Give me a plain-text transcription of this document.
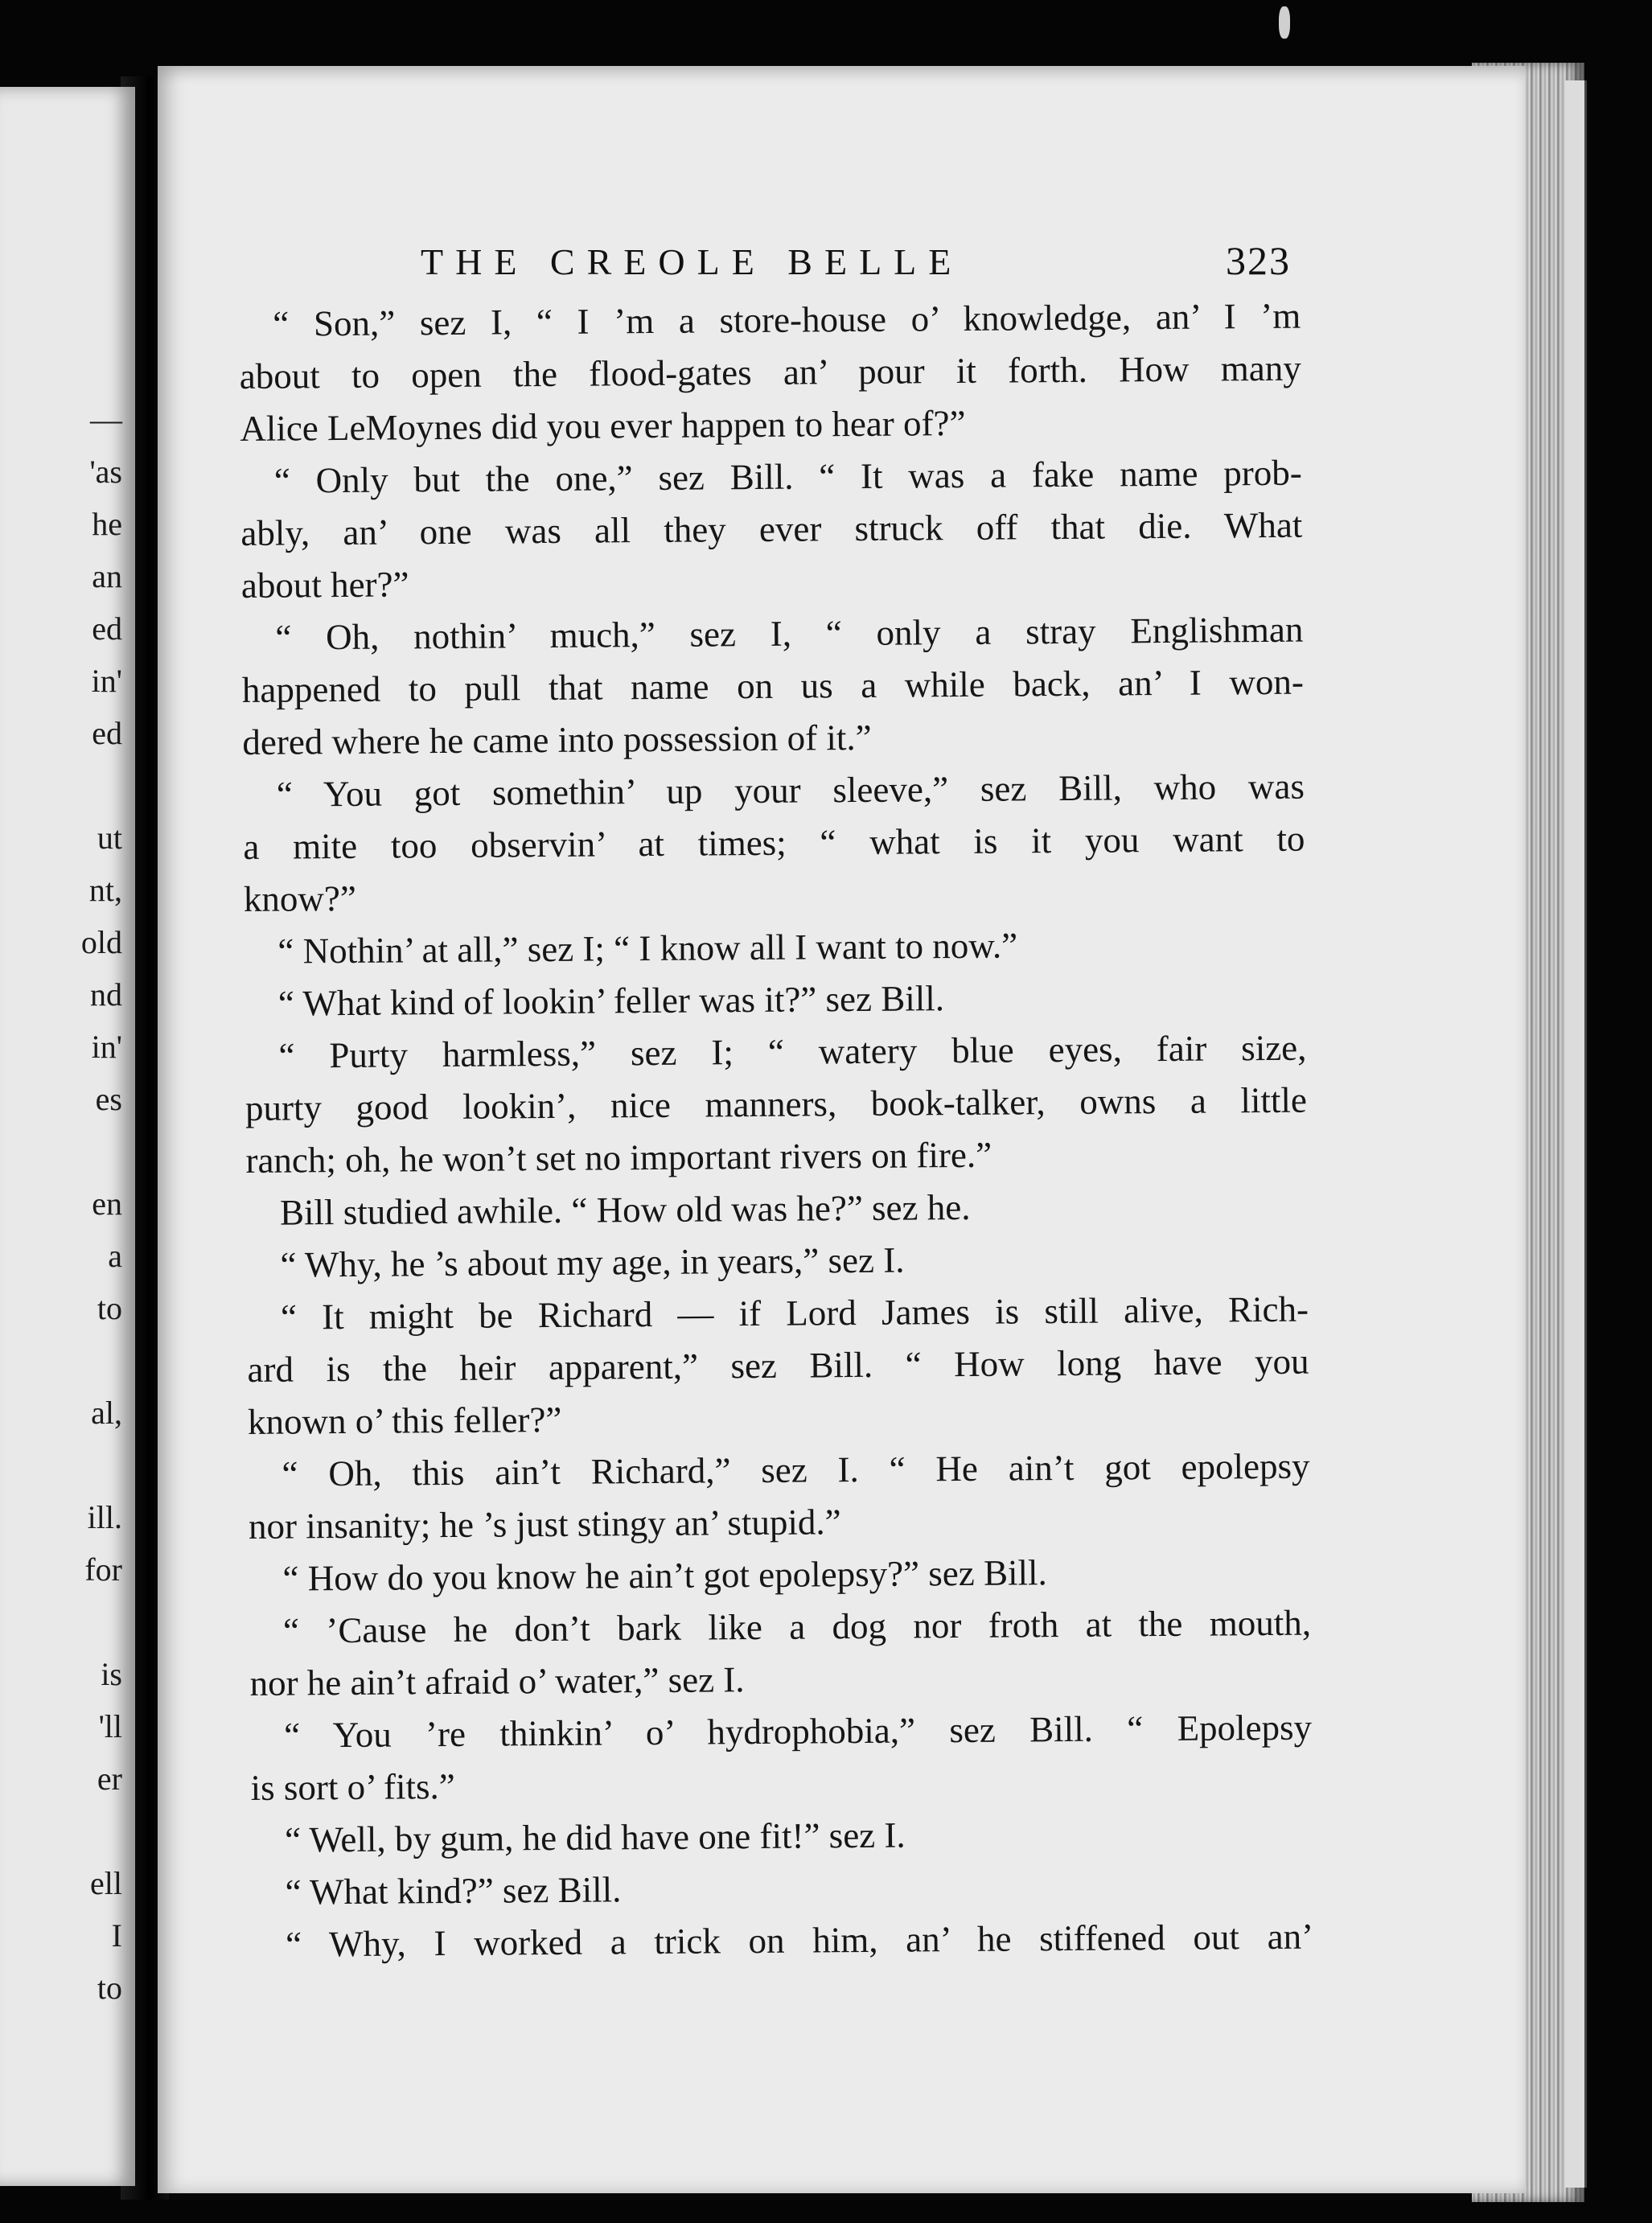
—
'as
he
an
ed
in'
ed
ut
nt,
old
nd
in'
es
en
a
to
al,
ill.
for
is
'll
er
ell
I
to
THE CREOLE BELLE	323
“ Son,” sez I, “ I ’m a store-house o’ knowledge, an’ I ’m
about to open the flood-gates an’ pour it forth. How many
Alice LeMoynes did you ever happen to hear of?”
“ Only but the one,” sez Bill. “ It was a fake name prob-
ably, an’ one was all they ever struck off that die. What
about her?”
“ Oh, nothin’ much,” sez I, “ only a stray Englishman
happened to pull that name on us a while back, an’ I won-
dered where he came into possession of it.”
“ You got somethin’ up your sleeve,” sez Bill, who was
a mite too observin’ at times; “ what is it you want to
know?”
“ Nothin’ at all,” sez I; “ I know all I want to now.”
“ What kind of lookin’ feller was it?” sez Bill.
“ Purty harmless,” sez I; “ watery blue eyes, fair size,
purty good lookin’, nice manners, book-talker, owns a little
ranch; oh, he won’t set no important rivers on fire.”
Bill studied awhile. “ How old was he?” sez he.
“ Why, he ’s about my age, in years,” sez I.
“ It might be Richard — if Lord James is still alive, Rich-
ard is the heir apparent,” sez Bill. “ How long have you
known o’ this feller?”
“ Oh, this ain’t Richard,” sez I. “ He ain’t got epolepsy
nor insanity; he ’s just stingy an’ stupid.”
“ How do you know he ain’t got epolepsy?” sez Bill.
“ ’Cause he don’t bark like a dog nor froth at the mouth,
nor he ain’t afraid o’ water,” sez I.
“ You ’re thinkin’ o’ hydrophobia,” sez Bill. “ Epolepsy
is sort o’ fits.”
“ Well, by gum, he did have one fit!” sez I.
“ What kind?” sez Bill.
“ Why, I worked a trick on him, an’ he stiffened out an’
